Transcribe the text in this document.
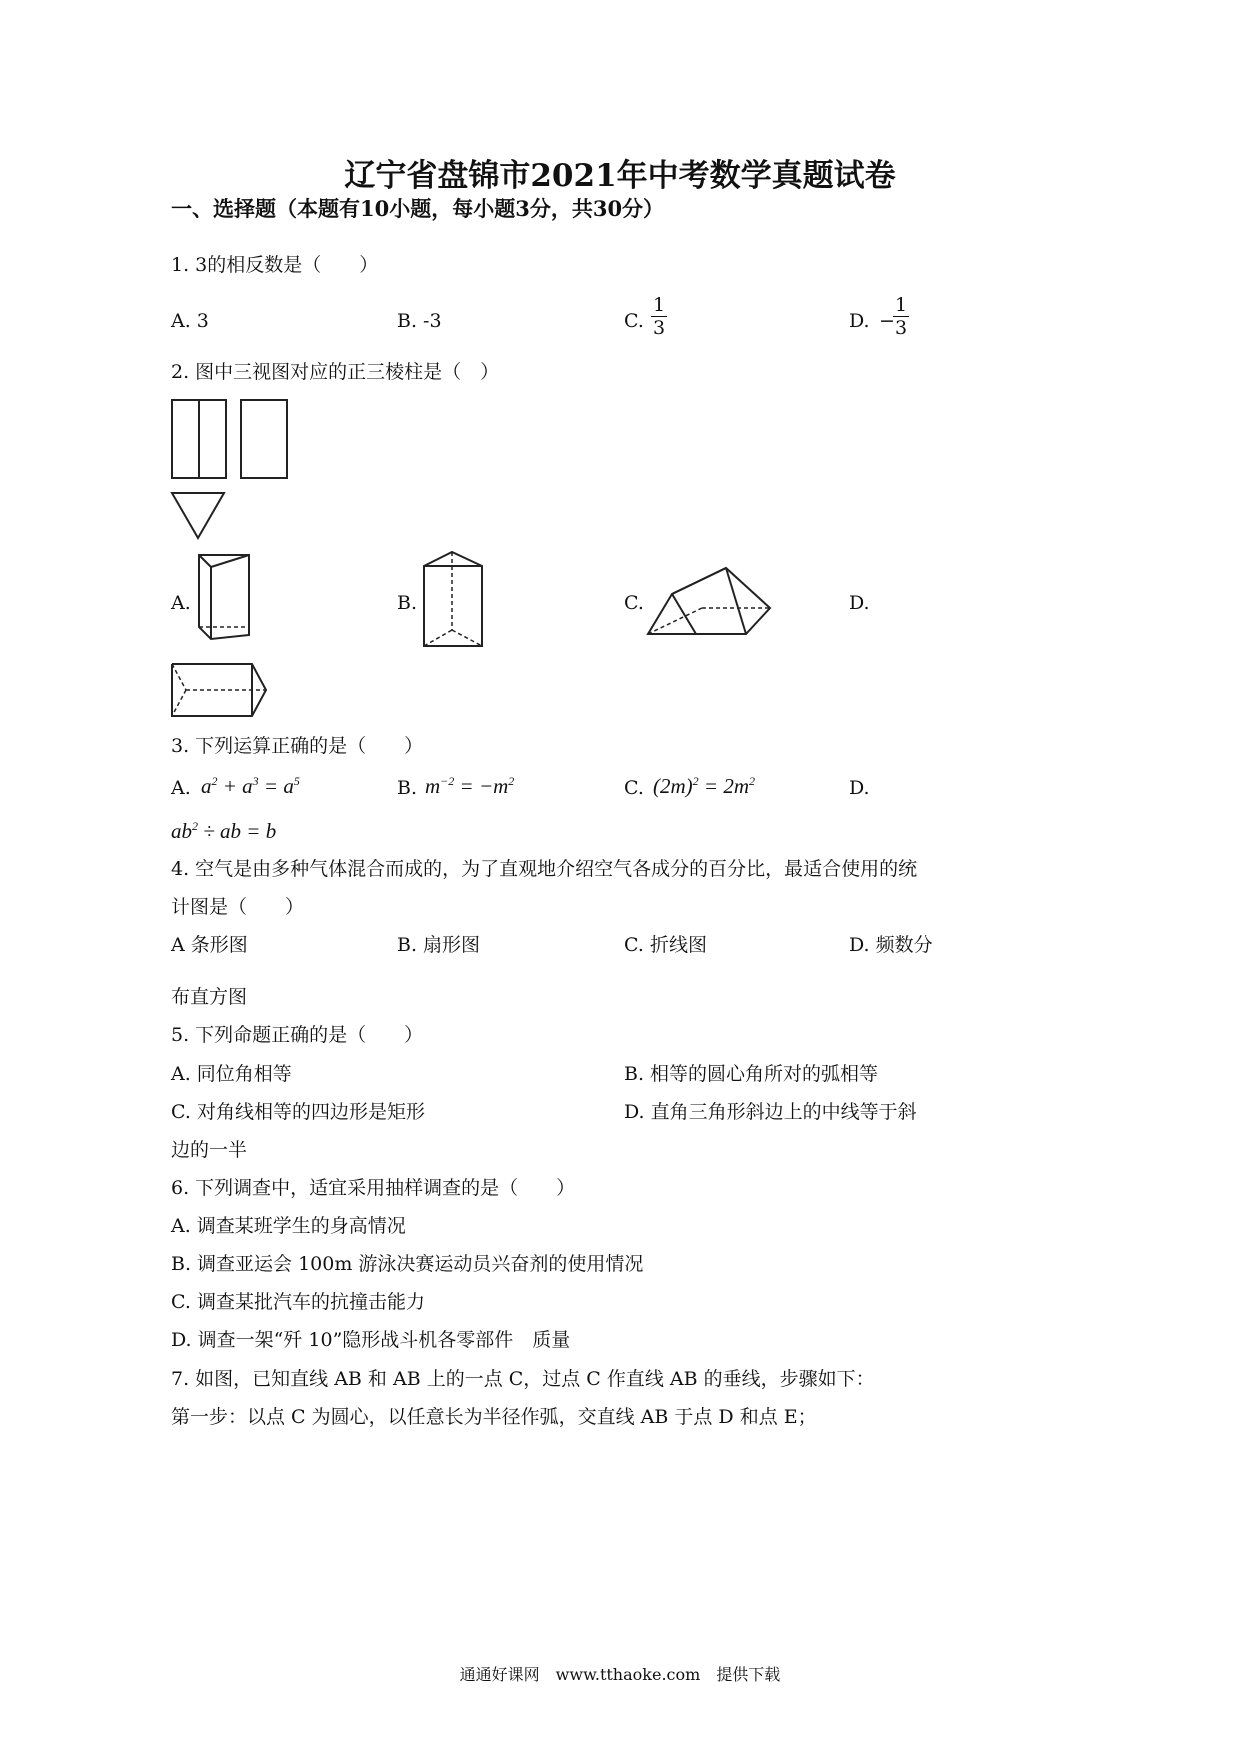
辽宁省盘锦市2021年中考数学真题试卷
一、选择题（本题有10小题，每小题3分，共30分）
1. 3的相反数是（　　）
A. 3	B. -3	C. $\frac{1}{3}$	D. −
$\frac{1}{3}$
2. 图中三视图对应的正三棱柱是（　）
A.	B.	C.	D.
3. 下列运算正确的是（　　）
A. $a^2 + a^3 = a^5$	B. $m^{-2} = -m^2$	C. $(2m)^2 = 2m^2$	D.
$ab^2$ ÷ ab = b
4. 空气是由多种气体混合而成的，为了直观地介绍空气各成分的百分比，最适合使用的统
计图是（　　）
A 条形图	B. 扇形图	C. 折线图	D. 频数分
布直方图
5. 下列命题正确的是（　　）
A. 同位角相等	B. 相等的圆心角所对的弧相等
C. 对角线相等的四边形是矩形	D. 直角三角形斜边上的中线等于斜
边的一半
6. 下列调查中，适宜采用抽样调查的是（　　）
A. 调查某班学生的身高情况
B. 调查亚运会 100m 游泳决赛运动员兴奋剂的使用情况
C. 调查某批汽车的抗撞击能力
D. 调查一架“歼 10”隐形战斗机各零部件　质量
7. 如图，已知直线 AB 和 AB 上的一点 C，过点 C 作直线 AB 的垂线，步骤如下：
第一步：以点 C 为圆心，以任意长为半径作弧，交直线 AB 于点 D 和点 E；
通通好课网　www.tthaoke.com　提供下载
